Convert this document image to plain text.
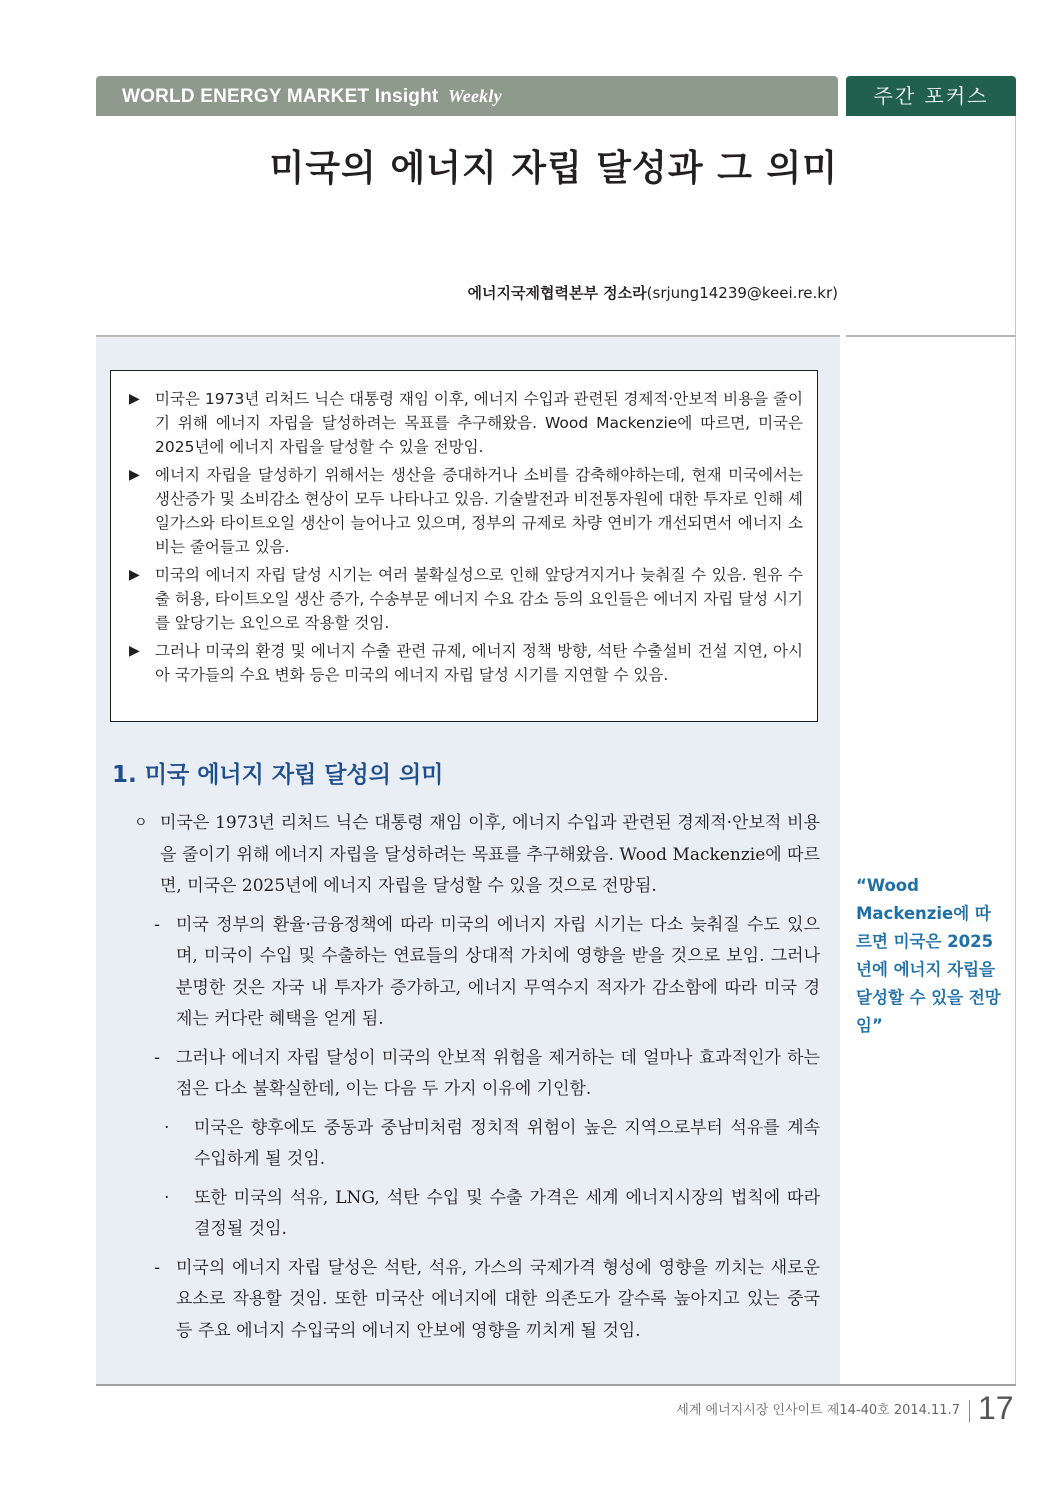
WORLD ENERGY MARKET Insight Weekly	주간 포커스
미국의 에너지 자립 달성과 그 의미
에너지국제협력본부 정소라(srjung14239@keei.re.kr)
▶ 미국은 1973년 리처드 닉슨 대통령 재임 이후, 에너지 수입과 관련된 경제적·안보적 비용을 줄이기 위해 에너지 자립을 달성하려는 목표를 추구해왔음. Wood Mackenzie에 따르면, 미국은 2025년에 에너지 자립을 달성할 수 있을 전망임.
▶ 에너지 자립을 달성하기 위해서는 생산을 증대하거나 소비를 감축해야하는데, 현재 미국에서는 생산증가 및 소비감소 현상이 모두 나타나고 있음. 기술발전과 비전통자원에 대한 투자로 인해 셰일가스와 타이트오일 생산이 늘어나고 있으며, 정부의 규제로 차량 연비가 개선되면서 에너지 소비는 줄어들고 있음.
▶ 미국의 에너지 자립 달성 시기는 여러 불확실성으로 인해 앞당겨지거나 늦춰질 수 있음. 원유 수출 허용, 타이트오일 생산 증가, 수송부문 에너지 수요 감소 등의 요인들은 에너지 자립 달성 시기를 앞당기는 요인으로 작용할 것임.
▶ 그러나 미국의 환경 및 에너지 수출 관련 규제, 에너지 정책 방향, 석탄 수출설비 건설 지연, 아시아 국가들의 수요 변화 등은 미국의 에너지 자립 달성 시기를 지연할 수 있음.
1. 미국 에너지 자립 달성의 의미
ㅇ 미국은 1973년 리처드 닉슨 대통령 재임 이후, 에너지 수입과 관련된 경제적·안보적 비용을 줄이기 위해 에너지 자립을 달성하려는 목표를 추구해왔음. Wood Mackenzie에 따르면, 미국은 2025년에 에너지 자립을 달성할 수 있을 것으로 전망됨.
- 미국 정부의 환율·금융정책에 따라 미국의 에너지 자립 시기는 다소 늦춰질 수도 있으며, 미국이 수입 및 수출하는 연료들의 상대적 가치에 영향을 받을 것으로 보임. 그러나 분명한 것은 자국 내 투자가 증가하고, 에너지 무역수지 적자가 감소함에 따라 미국 경제는 커다란 혜택을 얻게 됨.
- 그러나 에너지 자립 달성이 미국의 안보적 위험을 제거하는 데 얼마나 효과적인가 하는 점은 다소 불확실한데, 이는 다음 두 가지 이유에 기인함.
· 미국은 향후에도 중동과 중남미처럼 정치적 위험이 높은 지역으로부터 석유를 계속 수입하게 될 것임.
· 또한 미국의 석유, LNG, 석탄 수입 및 수출 가격은 세계 에너지시장의 법칙에 따라 결정될 것임.
- 미국의 에너지 자립 달성은 석탄, 석유, 가스의 국제가격 형성에 영향을 끼치는 새로운 요소로 작용할 것임. 또한 미국산 에너지에 대한 의존도가 갈수록 높아지고 있는 중국 등 주요 에너지 수입국의 에너지 안보에 영향을 끼치게 될 것임.
“Wood Mackenzie에 따르면 미국은 2025년에 에너지 자립을 달성할 수 있을 전망임”
세계 에너지시장 인사이트 제14-40호 2014.11.7 17
